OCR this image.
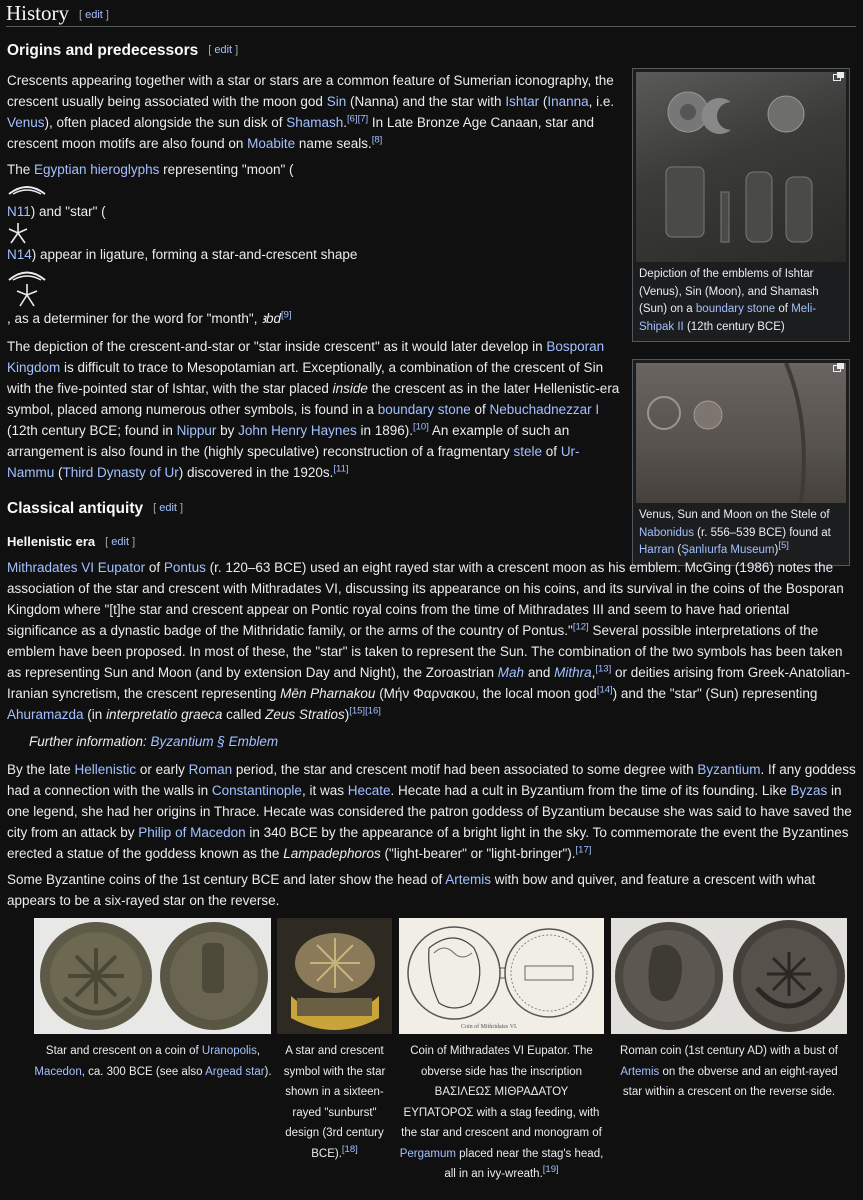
History [ edit ]
Origins and predecessors [ edit ]

Crescents appearing together with a star or stars are a common feature of Sumerian iconography, the crescent usually being associated with the moon god Sin (Nanna) and the star with Ishtar (Inanna, i.e. Venus), often placed alongside the sun disk of Shamash.[6][7] In Late Bronze Age Canaan, star and crescent moon motifs are also found on Moabite name seals.[8]

The Egyptian hieroglyphs representing "moon" (

N11) and "star" (

N14) appear in ligature, forming a star-and-crescent shape

, as a determiner for the word for "month", ꜣbd[9]

The depiction of the crescent-and-star or "star inside crescent" as it would later develop in Bosporan Kingdom is difficult to trace to Mesopotamian art. Exceptionally, a combination of the crescent of Sin with the five-pointed star of Ishtar, with the star placed inside the crescent as in the later Hellenistic-era symbol, placed among numerous other symbols, is found in a boundary stone of Nebuchadnezzar I (12th century BCE; found in Nippur by John Henry Haynes in 1896).[10] An example of such an arrangement is also found in the (highly speculative) reconstruction of a fragmentary stele of Ur-Nammu (Third Dynasty of Ur) discovered in the 1920s.[11]

Depiction of the emblems of Ishtar (Venus), Sin (Moon), and Shamash (Sun) on a boundary stone of Meli-Shipak II (12th century BCE)
Venus, Sun and Moon on the Stele of Nabonidus (r. 556–539 BCE) found at Harran (Şanlıurfa Museum)[5]
Classical antiquity [ edit ]
Hellenistic era [ edit ]

Mithradates VI Eupator of Pontus (r. 120–63 BCE) used an eight rayed star with a crescent moon as his emblem. McGing (1986) notes the association of the star and crescent with Mithradates VI, discussing its appearance on his coins, and its survival in the coins of the Bosporan Kingdom where "[t]he star and crescent appear on Pontic royal coins from the time of Mithradates III and seem to have had oriental significance as a dynastic badge of the Mithridatic family, or the arms of the country of Pontus."[12] Several possible interpretations of the emblem have been proposed. In most of these, the "star" is taken to represent the Sun. The combination of the two symbols has been taken as representing Sun and Moon (and by extension Day and Night), the Zoroastrian Mah and Mithra,[13] or deities arising from Greek-Anatolian-Iranian syncretism, the crescent representing Mēn Pharnakou (Μήν Φαρνακου, the local moon god[14]) and the "star" (Sun) representing Ahuramazda (in interpretatio graeca called Zeus Stratios)[15][16]

Further information: Byzantium § Emblem

By the late Hellenistic or early Roman period, the star and crescent motif had been associated to some degree with Byzantium. If any goddess had a connection with the walls in Constantinople, it was Hecate. Hecate had a cult in Byzantium from the time of its founding. Like Byzas in one legend, she had her origins in Thrace. Hecate was considered the patron goddess of Byzantium because she was said to have saved the city from an attack by Philip of Macedon in 340 BCE by the appearance of a bright light in the sky. To commemorate the event the Byzantines erected a statue of the goddess known as the Lampadephoros ("light-bearer" or "light-bringer").[17]

Some Byzantine coins of the 1st century BCE and later show the head of Artemis with bow and quiver, and feature a crescent with what appears to be a six-rayed star on the reverse.

Star and crescent on a coin of Uranopolis, Macedon, ca. 300 BCE (see also Argead star).
A star and crescent symbol with the star shown in a sixteen-rayed "sunburst" design (3rd century BCE).[18]
Coin of Mithridates VI.
Coin of Mithradates VI Eupator. The obverse side has the inscription ΒΑΣΙΛΕΩΣ ΜΙΘΡΑΔΑΤΟΥ ΕΥΠΑΤΟΡΟΣ with a stag feeding, with the star and crescent and monogram of Pergamum placed near the stag's head, all in an ivy-wreath.[19]
Roman coin (1st century AD) with a bust of Artemis on the obverse and an eight-rayed star within a crescent on the reverse side.
